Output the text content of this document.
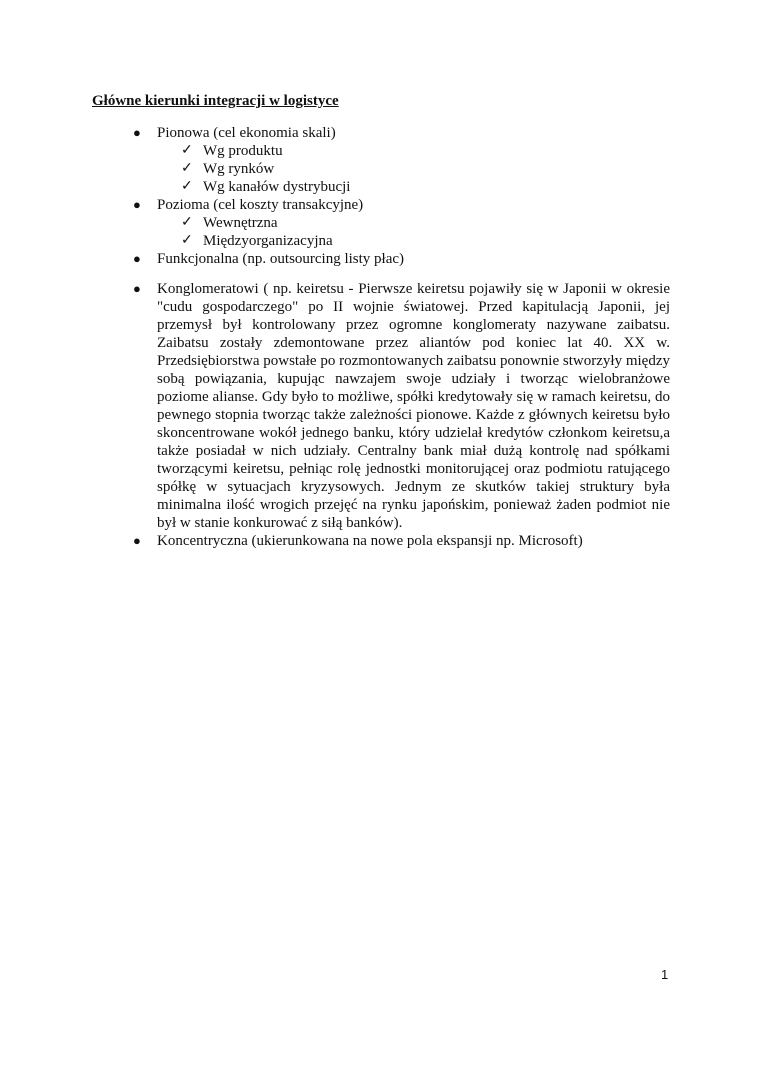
Główne kierunki integracji w logistyce
● Pionowa (cel ekonomia skali)
✓ Wg produktu
✓ Wg rynków
✓ Wg kanałów dystrybucji
● Pozioma (cel koszty transakcyjne)
✓ Wewnętrzna
✓ Międzyorganizacyjna
● Funkcjonalna (np. outsourcing listy płac)
● Konglomeratowi ( np. keiretsu - Pierwsze keiretsu pojawiły się w Japonii w okresie "cudu gospodarczego" po II wojnie światowej. Przed kapitulacją Japonii, jej przemysł był kontrolowany przez ogromne konglomeraty nazywane zaibatsu. Zaibatsu zostały zdemontowane przez aliantów pod koniec lat 40. XX w. Przedsiębiorstwa powstałe po rozmontowanych zaibatsu ponownie stworzyły między sobą powiązania, kupując nawzajem swoje udziały i tworząc wielobranżowe poziome alianse. Gdy było to możliwe, spółki kredytowały się w ramach keiretsu, do pewnego stopnia tworząc także zależności pionowe. Każde z głównych keiretsu było skoncentrowane wokół jednego banku, który udzielał kredytów członkom keiretsu,a także posiadał w nich udziały. Centralny bank miał dużą kontrolę nad spółkami tworzącymi keiretsu, pełniąc rolę jednostki monitorującej oraz podmiotu ratującego spółkę w sytuacjach kryzysowych. Jednym ze skutków takiej struktury była minimalna ilość wrogich przejęć na rynku japońskim, ponieważ żaden podmiot nie był w stanie konkurować z siłą banków).
● Koncentryczna (ukierunkowana na nowe pola ekspansji np. Microsoft)
1
